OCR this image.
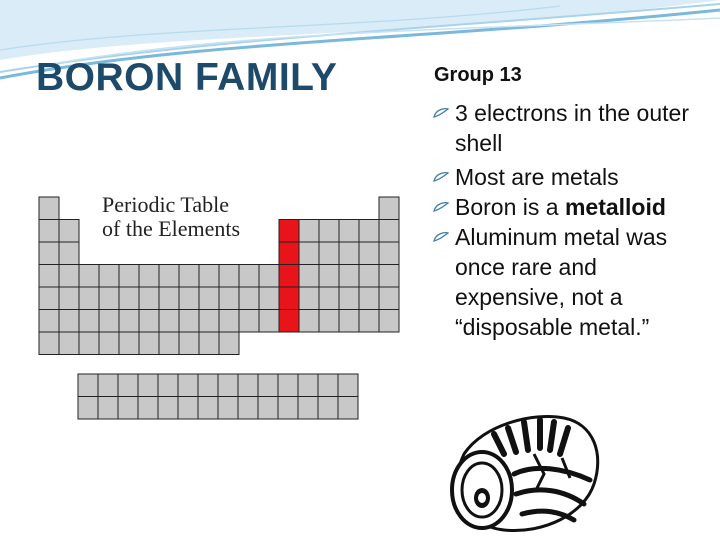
BORON FAMILY	Group 13
3 electrons in the outer shell
Most are metals
Boron is a metalloid
Aluminum metal was once rare and expensive, not a “disposable metal.”
Periodic Table
of the Elements
